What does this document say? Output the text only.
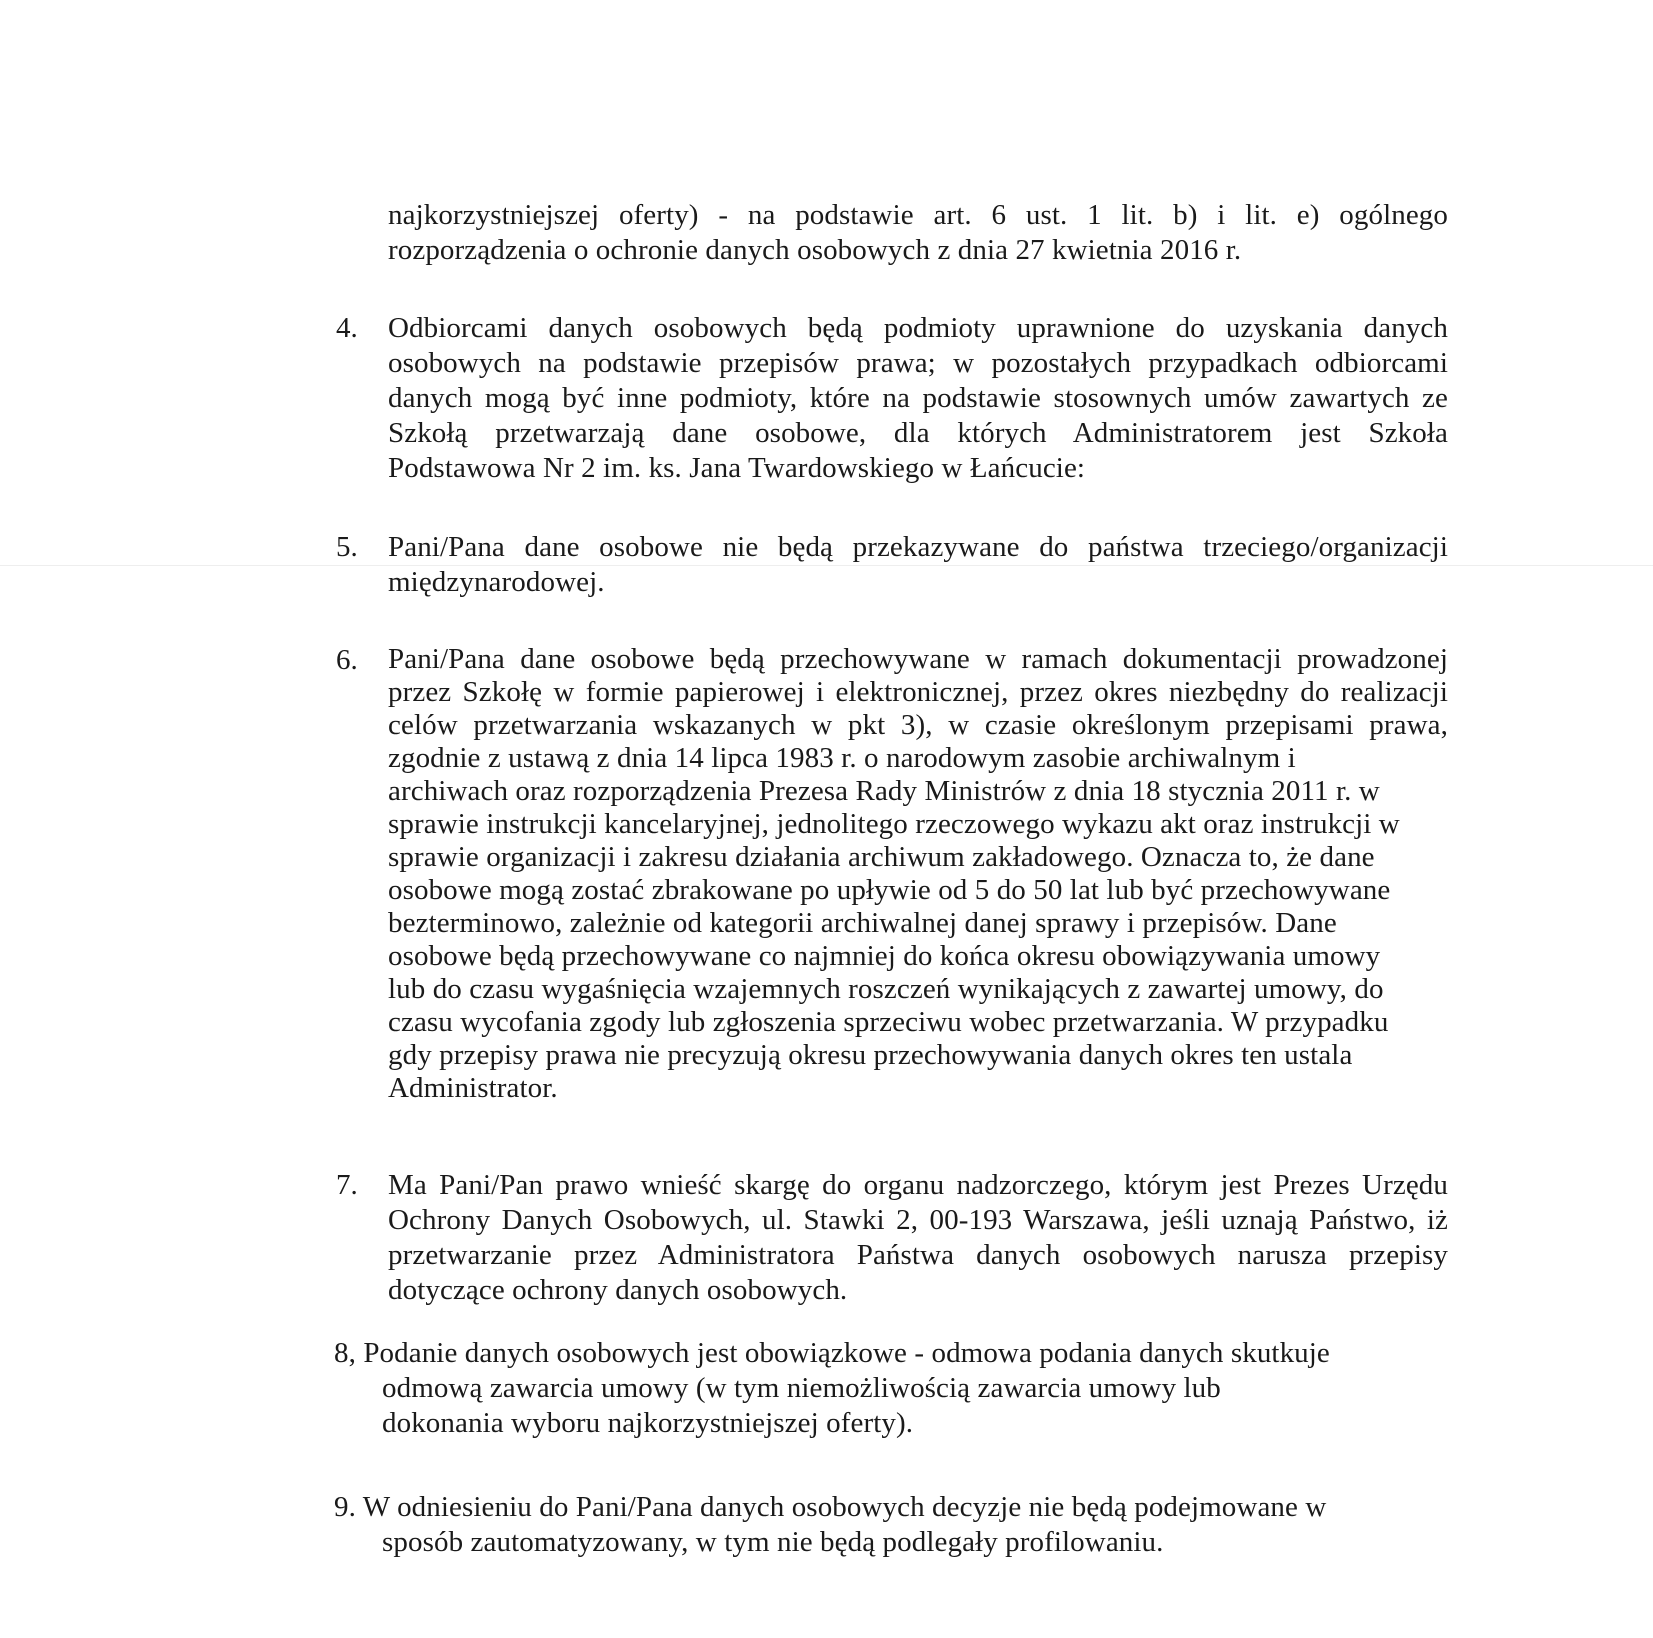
najkorzystniejszej oferty) - na podstawie art. 6 ust. 1 lit. b) i lit. e) ogólnego
rozporządzenia o ochronie danych osobowych z dnia 27 kwietnia 2016 r.
4. Odbiorcami danych osobowych będą podmioty uprawnione do uzyskania danych
osobowych na podstawie przepisów prawa; w pozostałych przypadkach odbiorcami
danych mogą być inne podmioty, które na podstawie stosownych umów zawartych ze
Szkołą przetwarzają dane osobowe, dla których Administratorem jest Szkoła
Podstawowa Nr 2 im. ks. Jana Twardowskiego w Łańcucie:
5. Pani/Pana dane osobowe nie będą przekazywane do państwa trzeciego/organizacji
międzynarodowej.
6. Pani/Pana dane osobowe będą przechowywane w ramach dokumentacji prowadzonej
przez Szkołę w formie papierowej i elektronicznej, przez okres niezbędny do realizacji
celów przetwarzania wskazanych w pkt 3), w czasie określonym przepisami prawa,
zgodnie z ustawą z dnia 14 lipca 1983 r. o narodowym zasobie archiwalnym i
archiwach oraz rozporządzenia Prezesa Rady Ministrów z dnia 18 stycznia 2011 r. w
sprawie instrukcji kancelaryjnej, jednolitego rzeczowego wykazu akt oraz instrukcji w
sprawie organizacji i zakresu działania archiwum zakładowego. Oznacza to, że dane
osobowe mogą zostać zbrakowane po upływie od 5 do 50 lat lub być przechowywane
bezterminowo, zależnie od kategorii archiwalnej danej sprawy i przepisów. Dane
osobowe będą przechowywane co najmniej do końca okresu obowiązywania umowy
lub do czasu wygaśnięcia wzajemnych roszczeń wynikających z zawartej umowy, do
czasu wycofania zgody lub zgłoszenia sprzeciwu wobec przetwarzania. W przypadku
gdy przepisy prawa nie precyzują okresu przechowywania danych okres ten ustala
Administrator.
7. Ma Pani/Pan prawo wnieść skargę do organu nadzorczego, którym jest Prezes Urzędu
Ochrony Danych Osobowych, ul. Stawki 2, 00-193 Warszawa, jeśli uznają Państwo, iż
przetwarzanie przez Administratora Państwa danych osobowych narusza przepisy
dotyczące ochrony danych osobowych.
8, Podanie danych osobowych jest obowiązkowe - odmowa podania danych skutkuje
odmową zawarcia umowy (w tym niemożliwością zawarcia umowy lub
dokonania wyboru najkorzystniejszej oferty).
9. W odniesieniu do Pani/Pana danych osobowych decyzje nie będą podejmowane w
sposób zautomatyzowany, w tym nie będą podlegały profilowaniu.
